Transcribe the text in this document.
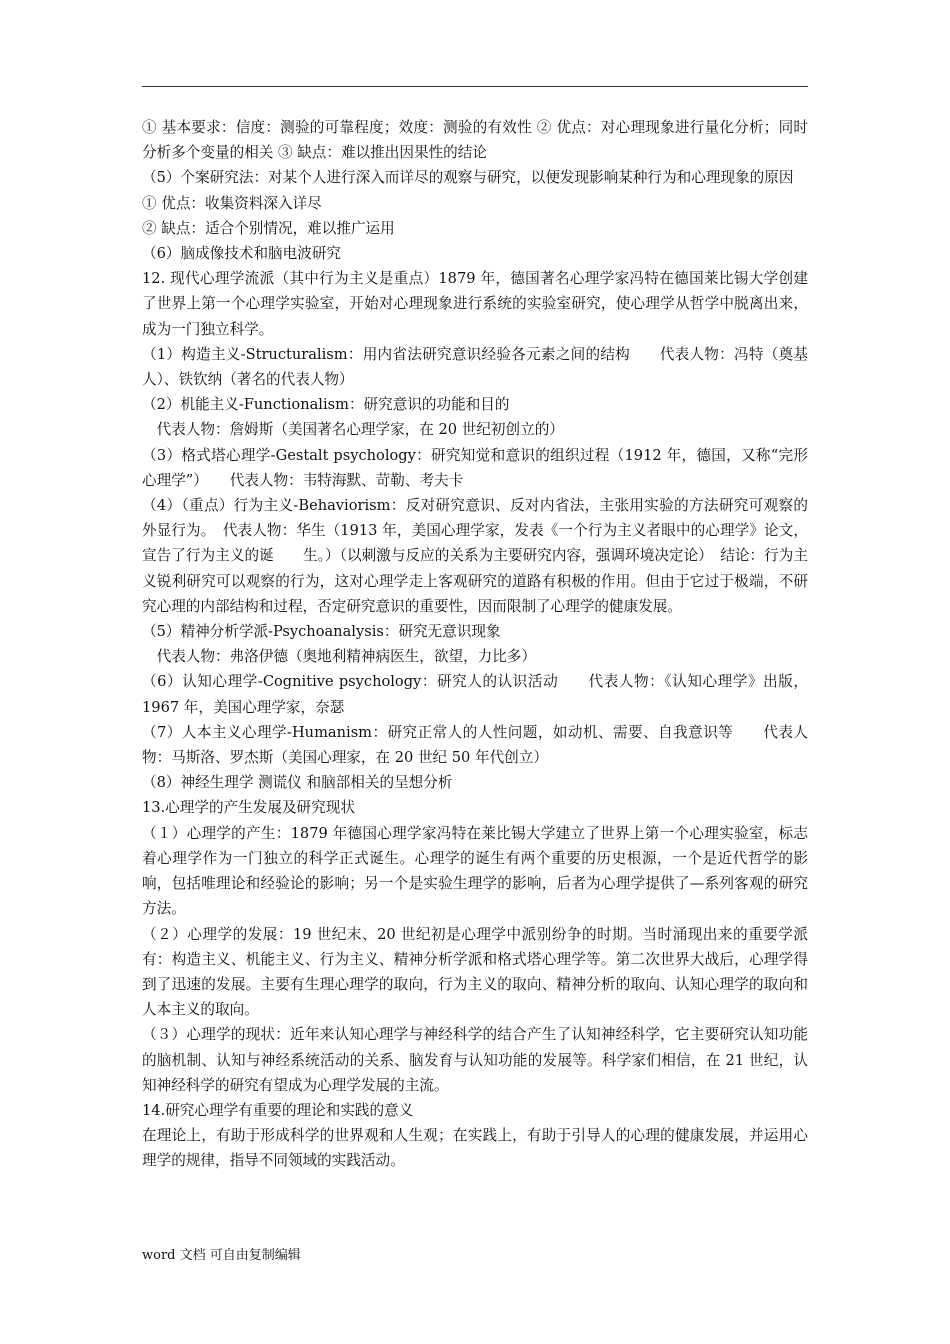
① 基本要求：信度：测验的可靠程度；效度：测验的有效性 ② 优点：对心理现象进行量化分析；同时分析多个变量的相关 ③ 缺点：难以推出因果性的结论

（5）个案研究法：对某个人进行深入而详尽的观察与研究，以便发现影响某种行为和心理现象的原因

① 优点：收集资料深入详尽

② 缺点：适合个别情况，难以推广运用

（6）脑成像技术和脑电波研究

12. 现代心理学流派（其中行为主义是重点）1879 年，德国著名心理学家冯特在德国莱比锡大学创建了世界上第一个心理学实验室，开始对心理现象进行系统的实验室研究，使心理学从哲学中脱离出来，成为一门独立科学。

（1）构造主义-Structuralism：用内省法研究意识经验各元素之间的结构　　代表人物：冯特（奠基人）、铁钦纳（著名的代表人物）

（2）机能主义-Functionalism：研究意识的功能和目的

　代表人物：詹姆斯（美国著名心理学家，在 20 世纪初创立的）

（3）格式塔心理学-Gestalt psychology：研究知觉和意识的组织过程（1912 年，德国，又称“完形心理学”）　　代表人物：韦特海默、苛勒、考夫卡

（4）（重点）行为主义-Behaviorism：反对研究意识、反对内省法，主张用实验的方法研究可观察的外显行为。　代表人物：华生（1913 年，美国心理学家，发表《一个行为主义者眼中的心理学》论文，宣告了行为主义的诞　　生。）（以刺激与反应的关系为主要研究内容，强调环境决定论）　结论：行为主义锐利研究可以观察的行为，这对心理学走上客观研究的道路有积极的作用。但由于它过于极端，不研究心理的内部结构和过程，否定研究意识的重要性，因而限制了心理学的健康发展。

（5）精神分析学派-Psychoanalysis：研究无意识现象

　代表人物：弗洛伊德（奥地利精神病医生，欲望，力比多）

（6）认知心理学-Cognitive psychology：研究人的认识活动　　代表人物：《认知心理学》出版，1967 年，美国心理学家，奈瑟

（7）人本主义心理学-Humanism：研究正常人的人性问题，如动机、需要、自我意识等　　代表人物：马斯洛、罗杰斯（美国心理家，在 20 世纪 50 年代创立）

（8）神经生理学 测谎仪 和脑部相关的呈想分析

13.心理学的产生发展及研究现状

（１）心理学的产生：1879 年德国心理学家冯特在莱比锡大学建立了世界上第一个心理实验室，标志着心理学作为一门独立的科学正式诞生。心理学的诞生有两个重要的历史根源，一个是近代哲学的影响，包括唯理论和经验论的影响；另一个是实验生理学的影响，后者为心理学提供了—系列客观的研究方法。

（２）心理学的发展：19 世纪末、20 世纪初是心理学中派别纷争的时期。当时涌现出来的重要学派有：构造主义、机能主义、行为主义、精神分析学派和格式塔心理学等。第二次世界大战后，心理学得到了迅速的发展。主要有生理心理学的取向，行为主义的取向、精神分析的取向、认知心理学的取向和人本主义的取向。

（３）心理学的现状：近年来认知心理学与神经科学的结合产生了认知神经科学，它主要研究认知功能的脑机制、认知与神经系统活动的关系、脑发育与认知功能的发展等。科学家们相信，在 21 世纪，认知神经科学的研究有望成为心理学发展的主流。

14.研究心理学有重要的理论和实践的意义

在理论上，有助于形成科学的世界观和人生观；在实践上，有助于引导人的心理的健康发展，并运用心理学的规律，指导不同领域的实践活动。

word 文档 可自由复制编辑
